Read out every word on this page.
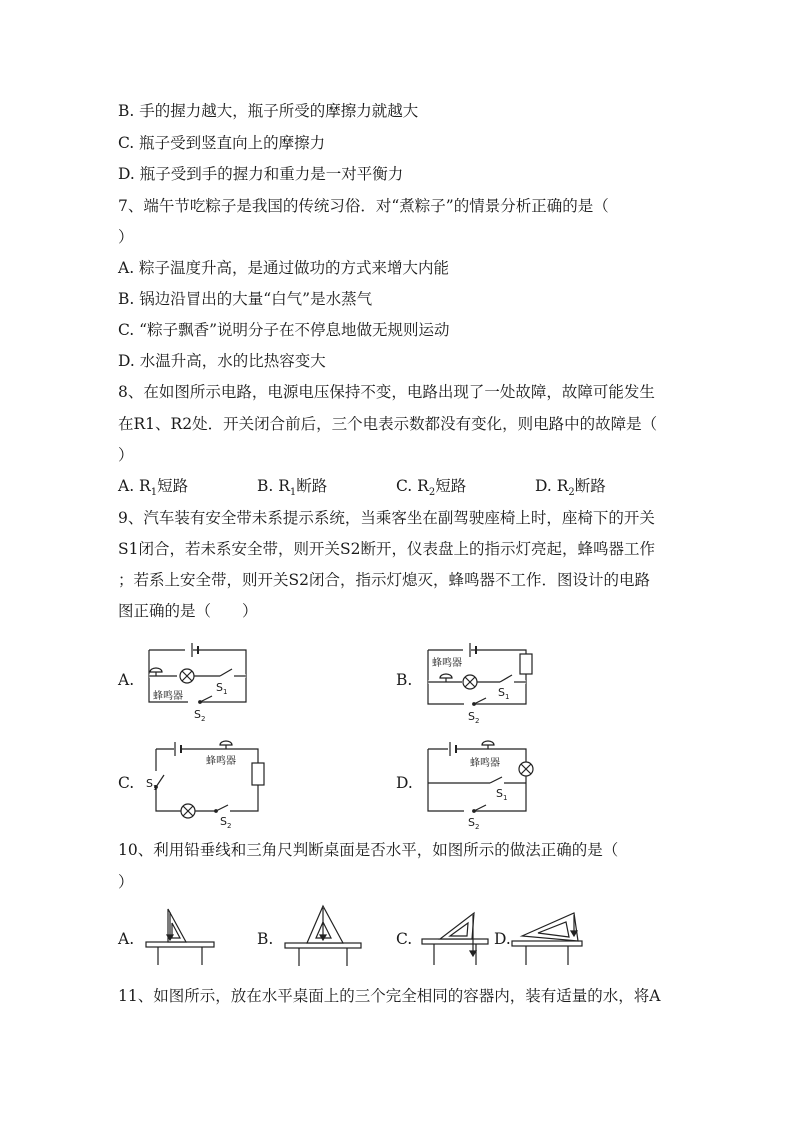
B. 手的握力越大，瓶子所受的摩擦力就越大
C. 瓶子受到竖直向上的摩擦力
D. 瓶子受到手的握力和重力是一对平衡力
7、端午节吃粽子是我国的传统习俗．对“煮粽子”的情景分析正确的是（
）
A. 粽子温度升高，是通过做功的方式来增大内能
B. 锅边沿冒出的大量“白气”是水蒸气
C. “粽子飘香”说明分子在不停息地做无规则运动
D. 水温升高，水的比热容变大
8、在如图所示电路，电源电压保持不变，电路出现了一处故障，故障可能发生
在R1、R2处．开关闭合前后，三个电表示数都没有变化，则电路中的故障是（
）
A. $R_1$短路	B. $R_1$断路	C. $R_2$短路	D. $R_2$断路
9、汽车装有安全带未系提示系统，当乘客坐在副驾驶座椅上时，座椅下的开关
S1闭合，若未系安全带，则开关S2断开，仪表盘上的指示灯亮起，蜂鸣器工作
；若系上安全带，则开关S2闭合，指示灯熄灭，蜂鸣器不工作．图设计的电路
图正确的是（　　）
A.
蜂鸣器
$S_1$
$S_2$
B.
蜂鸣器
$S_1$
$S_2$
C.
蜂鸣器
$S_1$
$S_2$
D.
蜂鸣器
$S_1$
$S_2$
10、利用铅垂线和三角尺判断桌面是否水平，如图所示的做法正确的是（
）
A.	B.	C.	D.
11、如图所示，放在水平桌面上的三个完全相同的容器内，装有适量的水，将A
